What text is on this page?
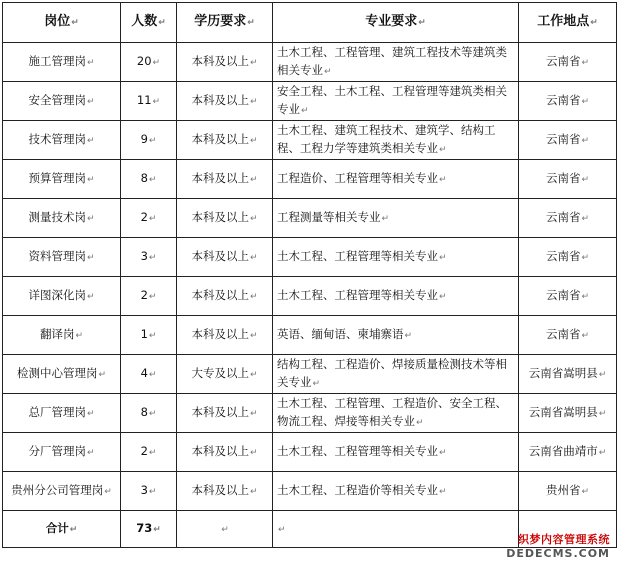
岗位↵	人数↵	学历要求↵	专业要求↵	工作地点↵
施工管理岗↵	20↵	本科及以上↵	土木工程、工程管理、建筑工程技术等建筑类相关专业↵	云南省↵
安全管理岗↵	11↵	本科及以上↵	安全工程、土木工程、工程管理等建筑类相关专业↵	云南省↵
技术管理岗↵	9↵	本科及以上↵	土木工程、建筑工程技术、建筑学、结构工程、工程力学等建筑类相关专业↵	云南省↵
预算管理岗↵	8↵	本科及以上↵	工程造价、工程管理等相关专业↵	云南省↵
测量技术岗↵	2↵	本科及以上↵	工程测量等相关专业↵	云南省↵
资料管理岗↵	3↵	本科及以上↵	土木工程、工程管理等相关专业↵	云南省↵
详图深化岗↵	2↵	本科及以上↵	土木工程、工程管理等相关专业↵	云南省↵
翻译岗↵	1↵	本科及以上↵	英语、缅甸语、柬埔寨语↵	云南省↵
检测中心管理岗↵	4↵	大专及以上↵	结构工程、工程造价、焊接质量检测技术等相关专业↵	云南省嵩明县↵
总厂管理岗↵	8↵	本科及以上↵	土木工程、工程管理、工程造价、安全工程、物流工程、焊接等相关专业↵	云南省嵩明县↵
分厂管理岗↵	2↵	本科及以上↵	土木工程、工程管理等相关专业↵	云南省曲靖市↵
贵州分公司管理岗↵	3↵	本科及以上↵	土木工程、工程造价等相关专业↵	贵州省↵
合计↵	73↵	↵	↵	
织梦内容管理系统
DEDECMS.COM
